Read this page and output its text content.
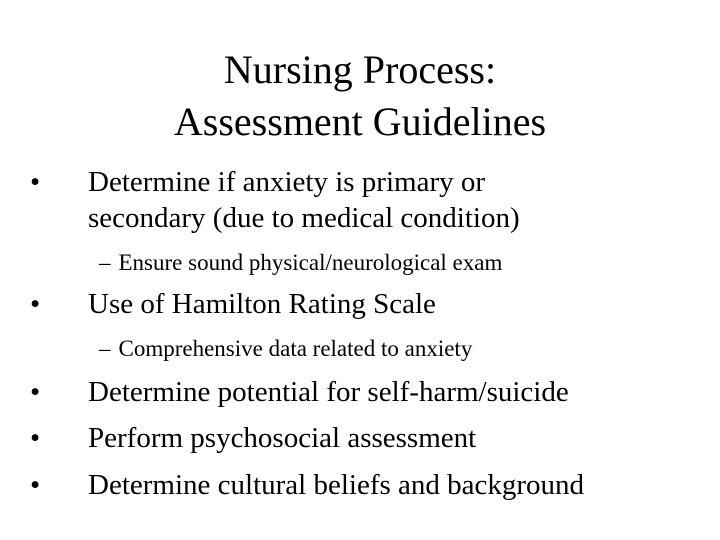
Nursing Process:
Assessment Guidelines
• Determine if anxiety is primary or
secondary (due to medical condition)
– Ensure sound physical/neurological exam
• Use of Hamilton Rating Scale
– Comprehensive data related to anxiety
• Determine potential for self-harm/suicide
• Perform psychosocial assessment
• Determine cultural beliefs and background
